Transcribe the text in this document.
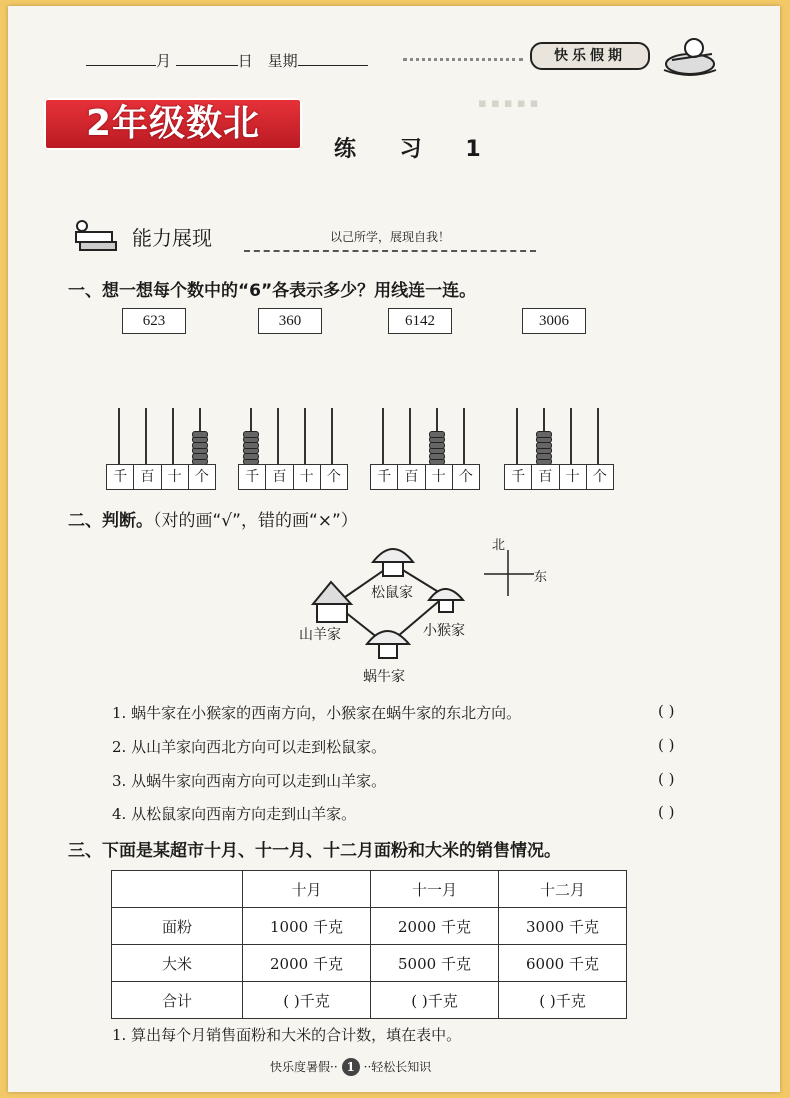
▪ ▪ ▪ ▪ ▪
月	日 星期	快乐假期
2年级数北
练 习 1
能力展现	以己所学，展现自我！
一、想一想每个数中的“6”各表示多少？用线连一连。
623	360	6142	3006
千 百 十 个	千 百 十 个	千 百 十 个	千 百 十 个
二、判断。（对的画“√”，错的画“×”）
松鼠家
山羊家	小猴家
蜗牛家
北
东
1. 蜗牛家在小猴家的西南方向，小猴家在蜗牛家的东北方向。	( )
2. 从山羊家向西北方向可以走到松鼠家。	( )
3. 从蜗牛家向西南方向可以走到山羊家。	( )
4. 从松鼠家向西南方向走到山羊家。	( )
三、下面是某超市十月、十一月、十二月面粉和大米的销售情况。
	十月	十一月	十二月
面粉	1000 千克	2000 千克	3000 千克
大米	2000 千克	5000 千克	6000 千克
合计	( )千克	( )千克	( )千克
1. 算出每个月销售面粉和大米的合计数，填在表中。
快乐度暑假·· 1 ··轻松长知识
